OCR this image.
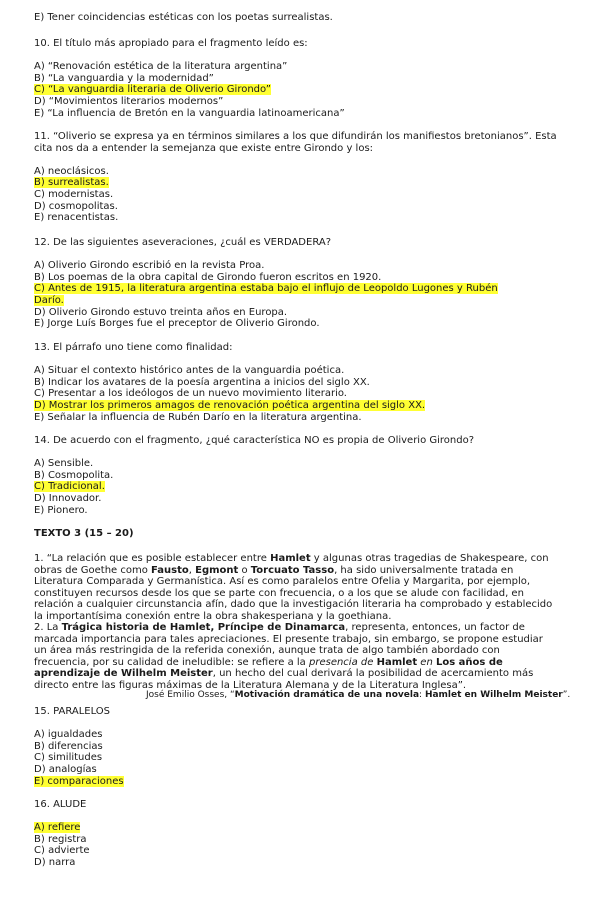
E) Tener coincidencias estéticas con los poetas surrealistas.
10. El título más apropiado para el fragmento leído es:
A) “Renovación estética de la literatura argentina”
B) “La vanguardia y la modernidad”
C) “La vanguardia literaria de Oliverio Girondo”
D) “Movimientos literarios modernos”
E) “La influencia de Bretón en la vanguardia latinoamericana”
11. “Oliverio se expresa ya en términos similares a los que difundirán los manifiestos bretonianos”. Esta
cita nos da a entender la semejanza que existe entre Girondo y los:
A) neoclásicos.
B) surrealistas.
C) modernistas.
D) cosmopolitas.
E) renacentistas.
12. De las siguientes aseveraciones, ¿cuál es VERDADERA?
A) Oliverio Girondo escribió en la revista Proa.
B) Los poemas de la obra capital de Girondo fueron escritos en 1920.
C) Antes de 1915, la literatura argentina estaba bajo el influjo de Leopoldo Lugones y Rubén
Darío.
D) Oliverio Girondo estuvo treinta años en Europa.
E) Jorge Luís Borges fue el preceptor de Oliverio Girondo.
13. El párrafo uno tiene como finalidad:
A) Situar el contexto histórico antes de la vanguardia poética.
B) Indicar los avatares de la poesía argentina a inicios del siglo XX.
C) Presentar a los ideólogos de un nuevo movimiento literario.
D) Mostrar los primeros amagos de renovación poética argentina del siglo XX.
E) Señalar la influencia de Rubén Darío en la literatura argentina.
14. De acuerdo con el fragmento, ¿qué característica NO es propia de Oliverio Girondo?
A) Sensible.
B) Cosmopolita.
C) Tradicional.
D) Innovador.
E) Pionero.
TEXTO 3 (15 – 20)
1. “La relación que es posible establecer entre Hamlet y algunas otras tragedias de Shakespeare, con obras de Goethe como Fausto, Egmont o Torcuato Tasso, ha sido universalmente tratada en Literatura Comparada y Germanística. Así es como paralelos entre Ofelia y Margarita, por ejemplo, constituyen recursos desde los que se parte con frecuencia, o a los que se alude con facilidad, en relación a cualquier circunstancia afín, dado que la investigación literaria ha comprobado y establecido la importantísima conexión entre la obra shakesperiana y la goethiana.
2. La Trágica historia de Hamlet, Príncipe de Dinamarca, representa, entonces, un factor de marcada importancia para tales apreciaciones. El presente trabajo, sin embargo, se propone estudiar un área más restringida de la referida conexión, aunque trata de algo también abordado con frecuencia, por su calidad de ineludible: se refiere a la presencia de Hamlet en Los años de aprendizaje de Wilhelm Meister, un hecho del cual derivará la posibilidad de acercamiento más directo entre las figuras máximas de la Literatura Alemana y de la Literatura Inglesa”.
José Emilio Osses, “Motivación dramática de una novela: Hamlet en Wilhelm Meister”.
15. PARALELOS
A) igualdades
B) diferencias
C) similitudes
D) analogías
E) comparaciones
16. ALUDE
A) refiere
B) registra
C) advierte
D) narra
